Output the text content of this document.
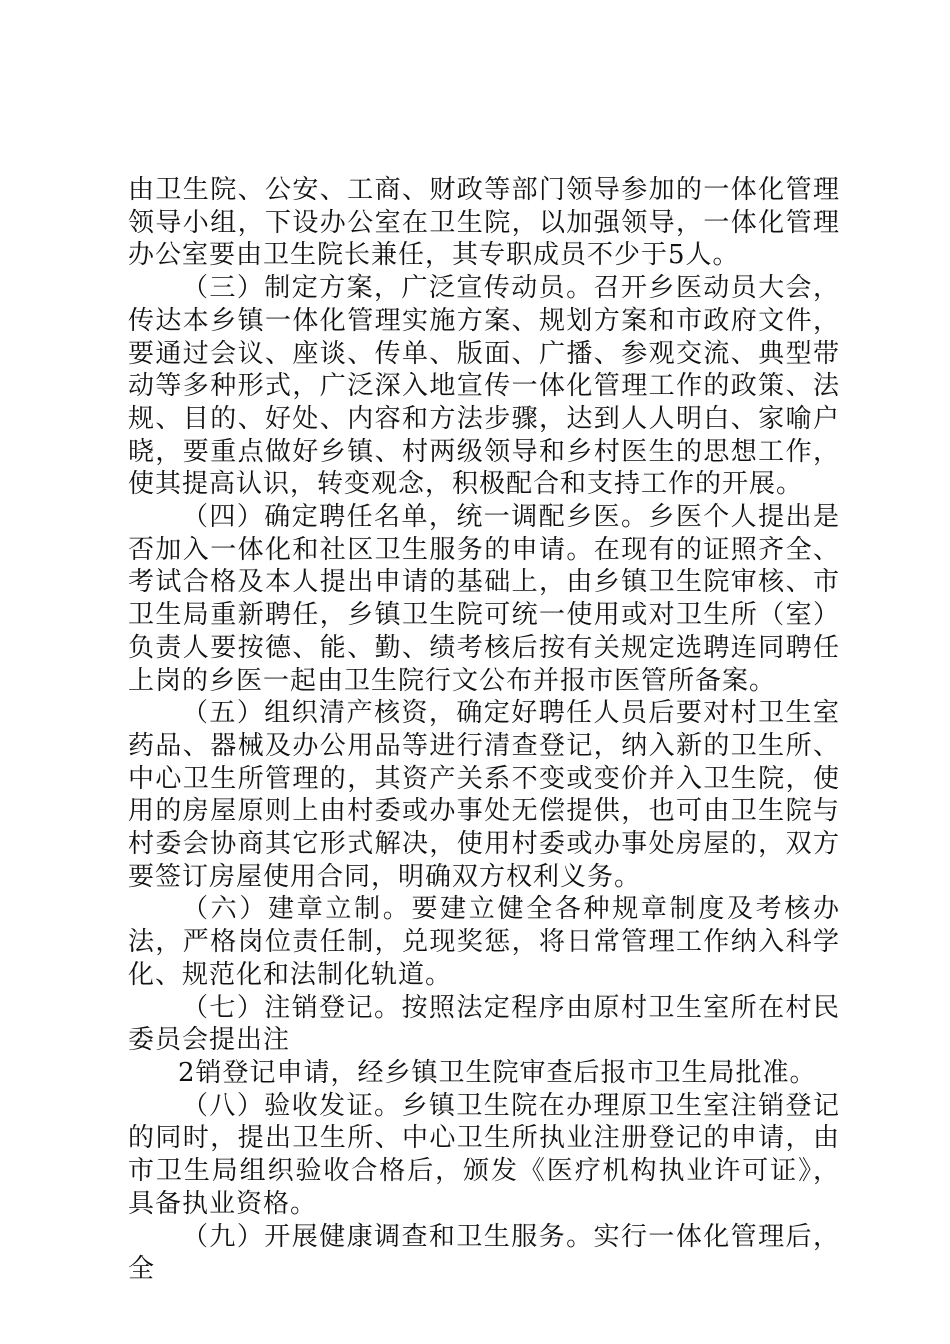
由卫生院、公安、工商、财政等部门领导参加的一体化管理领导小组，下设办公室在卫生院，以加强领导，一体化管理办公室要由卫生院长兼任，其专职成员不少于5人。

（三）制定方案，广泛宣传动员。召开乡医动员大会，传达本乡镇一体化管理实施方案、规划方案和市政府文件，要通过会议、座谈、传单、版面、广播、参观交流、典型带动等多种形式，广泛深入地宣传一体化管理工作的政策、法规、目的、好处、内容和方法步骤，达到人人明白、家喻户晓，要重点做好乡镇、村两级领导和乡村医生的思想工作，使其提高认识，转变观念，积极配合和支持工作的开展。

（四）确定聘任名单，统一调配乡医。乡医个人提出是否加入一体化和社区卫生服务的申请。在现有的证照齐全、考试合格及本人提出申请的基础上，由乡镇卫生院审核、市卫生局重新聘任，乡镇卫生院可统一使用或对卫生所（室）负责人要按德、能、勤、绩考核后按有关规定选聘连同聘任上岗的乡医一起由卫生院行文公布并报市医管所备案。

（五）组织清产核资，确定好聘任人员后要对村卫生室药品、器械及办公用品等进行清查登记，纳入新的卫生所、中心卫生所管理的，其资产关系不变或变价并入卫生院，使用的房屋原则上由村委或办事处无偿提供，也可由卫生院与村委会协商其它形式解决，使用村委或办事处房屋的，双方要签订房屋使用合同，明确双方权利义务。

（六）建章立制。要建立健全各种规章制度及考核办法，严格岗位责任制，兑现奖惩，将日常管理工作纳入科学化、规范化和法制化轨道。

（七）注销登记。按照法定程序由原村卫生室所在村民委员会提出注

2销登记申请，经乡镇卫生院审查后报市卫生局批准。

（八）验收发证。乡镇卫生院在办理原卫生室注销登记的同时，提出卫生所、中心卫生所执业注册登记的申请，由市卫生局组织验收合格后，颁发《医疗机构执业许可证》，具备执业资格。

（九）开展健康调查和卫生服务。实行一体化管理后，全
